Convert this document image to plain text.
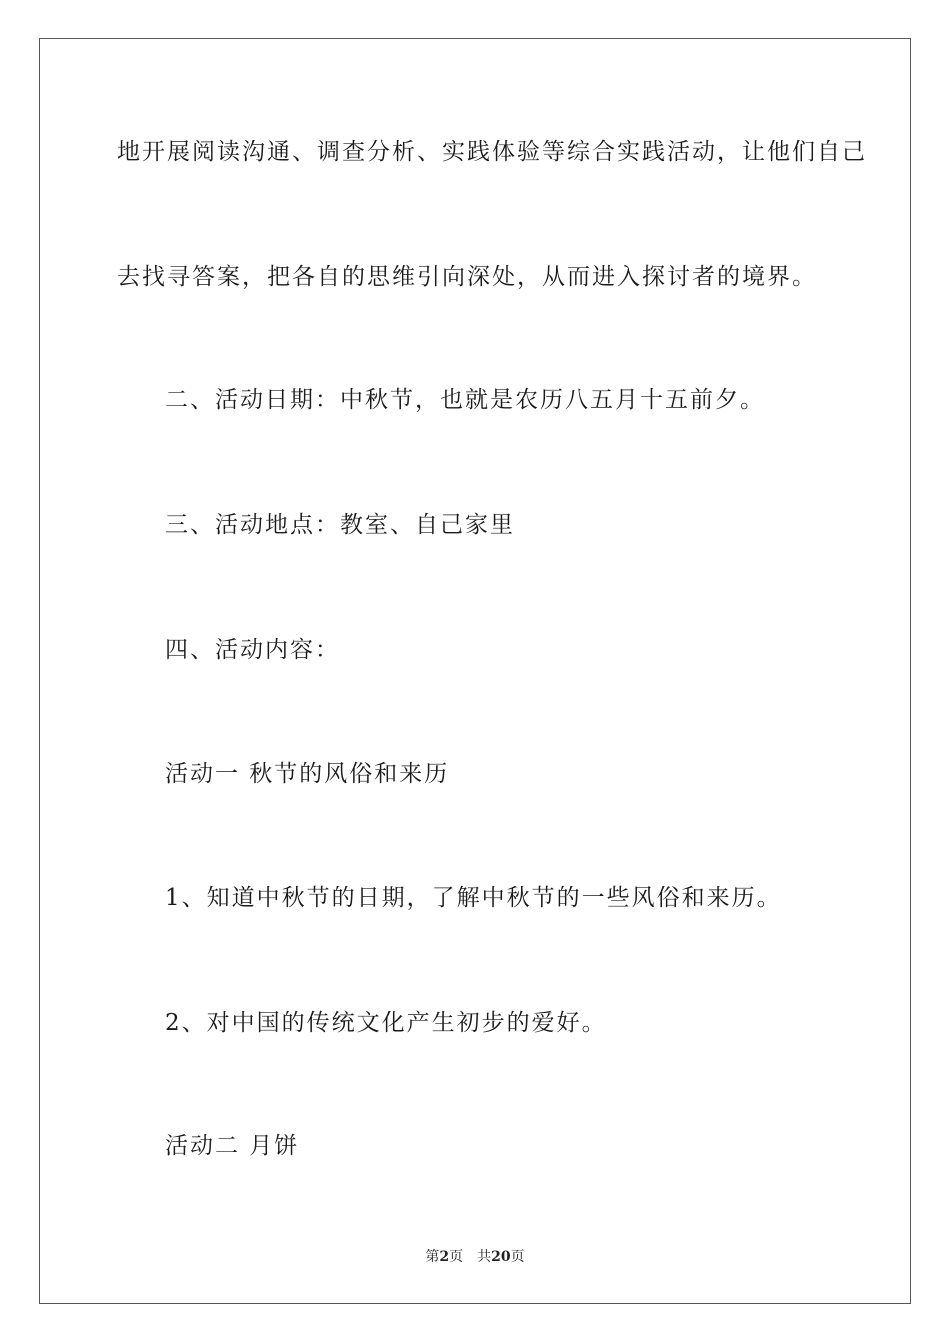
地开展阅读沟通、调查分析、实践体验等综合实践活动，让他们自己
去找寻答案，把各自的思维引向深处，从而进入探讨者的境界。
二、活动日期：中秋节，也就是农历八五月十五前夕。
三、活动地点：教室、自己家里
四、活动内容：
活动一 秋节的风俗和来历
1、知道中秋节的日期，了解中秋节的一些风俗和来历。
2、对中国的传统文化产生初步的爱好。
活动二 月饼
第2页 共20页
